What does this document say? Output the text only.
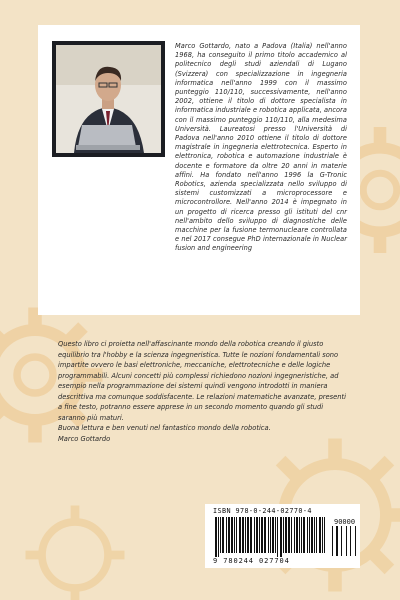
Marco Gottardo, nato a Padova (Italia) nell'anno 1968, ha conseguito il primo titolo accademico al politecnico degli studi aziendali di Lugano (Svizzera) con specializzazione in ingegneria informatica nell'anno 1999 con il massimo punteggio 110/110, successivamente, nell'anno 2002, ottiene il titolo di dottore specialista in informatica industriale e robotica applicata, ancora con il massimo punteggio 110/110, alla medesima Università. Laureatosi presso l'Università di Padova nell'anno 2010 ottiene il titolo di dottore magistrale in ingegneria elettrotecnica. Esperto in elettronica, robotica e automazione industriale è docente e formatore da oltre 20 anni in materie affini. Ha fondato nell'anno 1996 la G-Tronic Robotics, azienda specializzata nello sviluppo di sistemi customizzati a microprocessore e microcontrollore. Nell'anno 2014 è impegnato in un progetto di ricerca presso gli istituti del cnr nell'ambito dello sviluppo di diagnostiche delle macchine per la fusione termonucleare controllata e nel 2017 consegue PhD internazionale in Nuclear fusion and engineering

Questo libro ci proietta nell'affascinante mondo della robotica creando il giusto equilibrio tra l'hobby e la scienza ingegneristica. Tutte le nozioni fondamentali sono impartite ovvero le basi elettroniche, meccaniche, elettrotecniche e delle logiche programmabili. Alcuni concetti più complessi richiedono nozioni ingegneristiche, ad esempio nella programmazione dei sistemi quindi vengono introdotti in maniera descrittiva ma comunque soddisfacente. Le relazioni matematiche avanzate, presenti a fine testo, potranno essere apprese in un secondo momento quando gli studi saranno più maturi.

Buona lettura e ben venuti nel fantastico mondo della robotica.

Marco Gottardo

ISBN 978-0-244-02770-4
90000
9 780244 027704
